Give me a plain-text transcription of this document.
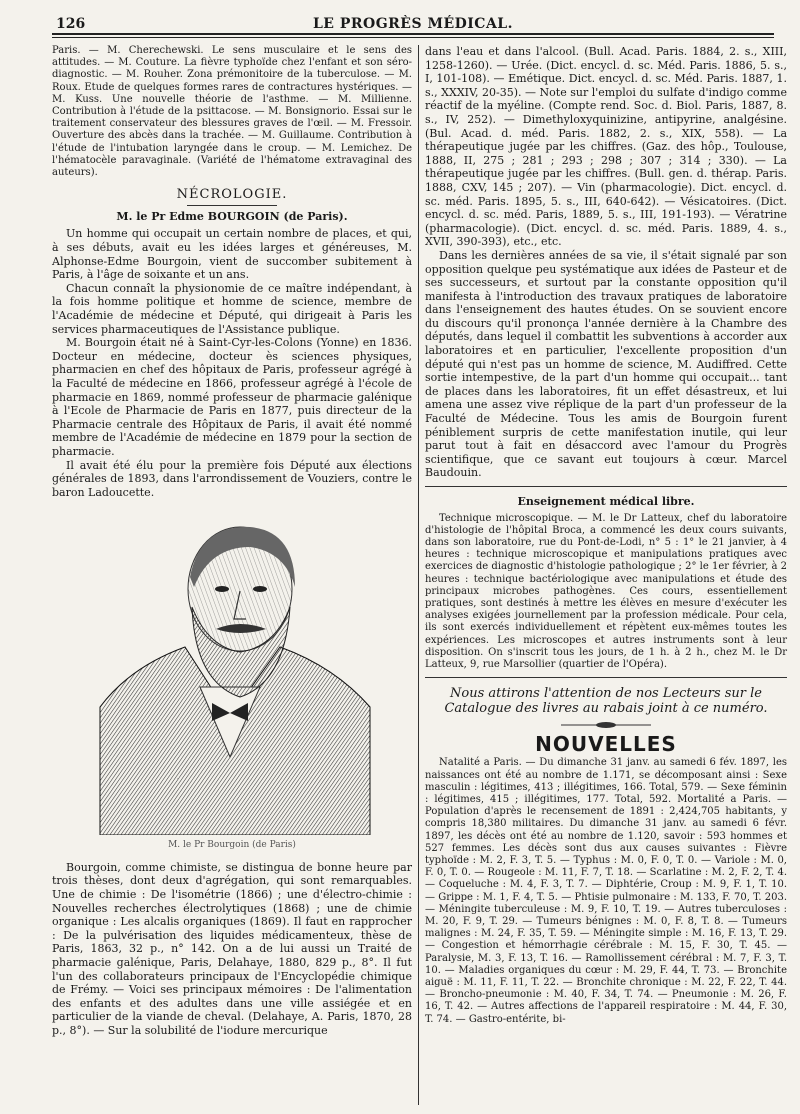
126	LE PROGRÈS MÉDICAL.

Paris. — M. Cherechewski. Le sens musculaire et le sens des attitudes. — M. Couture. La fièvre typhoïde chez l'enfant et son séro-diagnostic. — M. Rouher. Zona prémonitoire de la tuberculose. — M. Roux. Etude de quelques formes rares de contractures hystériques. — M. Kuss. Une nouvelle théorie de l'asthme. — M. Millienne. Contribution à l'étude de la psittacose. — M. Bonsignorio. Essai sur le traitement conservateur des blessures graves de l'œil. — M. Fressoir. Ouverture des abcès dans la trachée. — M. Guillaume. Contribution à l'étude de l'intubation laryngée dans le croup. — M. Lemichez. De l'hématocèle paravaginale. (Variété de l'hématome extravaginal des auteurs).

NÉCROLOGIE.
M. le Pr Edme BOURGOIN (de Paris).

Un homme qui occupait un certain nombre de places, et qui, à ses débuts, avait eu les idées larges et généreuses, M. Alphonse-Edme Bourgoin, vient de succomber subitement à Paris, à l'âge de soixante et un ans.

Chacun connaît la physionomie de ce maître indépendant, à la fois homme politique et homme de science, membre de l'Académie de médecine et Député, qui dirigeait à Paris les services pharmaceutiques de l'Assistance publique.

M. Bourgoin était né à Saint-Cyr-les-Colons (Yonne) en 1836. Docteur en médecine, docteur ès sciences physiques, pharmacien en chef des hôpitaux de Paris, professeur agrégé à la Faculté de médecine en 1866, professeur agrégé à l'école de pharmacie en 1869, nommé professeur de pharmacie galénique à l'Ecole de Pharmacie de Paris en 1877, puis directeur de la Pharmacie centrale des Hôpitaux de Paris, il avait été nommé membre de l'Académie de médecine en 1879 pour la section de pharmacie.

Il avait été élu pour la première fois Député aux élections générales de 1893, dans l'arrondissement de Vouziers, contre le baron Ladoucette.

M. le Pr Bourgoin (de Paris)

Bourgoin, comme chimiste, se distingua de bonne heure par trois thèses, dont deux d'agrégation, qui sont remarquables. Une de chimie : De l'isométrie (1866) ; une d'électro-chimie : Nouvelles recherches électrolytiques (1868) ; une de chimie organique : Les alcalis organiques (1869). Il faut en rapprocher : De la pulvérisation des liquides médicamenteux, thèse de Paris, 1863, 32 p., n° 142. On a de lui aussi un Traité de pharmacie galénique, Paris, Delahaye, 1880, 829 p., 8°. Il fut l'un des collaborateurs principaux de l'Encyclopédie chimique de Frémy. — Voici ses principaux mémoires : De l'alimentation des enfants et des adultes dans une ville assiégée et en particulier de la viande de cheval. (Delahaye, A. Paris, 1870, 28 p., 8°). — Sur la solubilité de l'iodure mercurique

dans l'eau et dans l'alcool. (Bull. Acad. Paris. 1884, 2. s., XIII, 1258-1260). — Urée. (Dict. encycl. d. sc. Méd. Paris. 1886, 5. s., I, 101-108). — Emétique. Dict. encycl. d. sc. Méd. Paris. 1887, 1. s., XXXIV, 20-35). — Note sur l'emploi du sulfate d'indigo comme réactif de la myéline. (Compte rend. Soc. d. Biol. Paris, 1887, 8. s., IV, 252). — Dimethyloxyquinizine, antipyrine, analgésine. (Bul. Acad. d. méd. Paris. 1882, 2. s., XIX, 558). — La thérapeutique jugée par les chiffres. (Gaz. des hôp., Toulouse, 1888, II, 275 ; 281 ; 293 ; 298 ; 307 ; 314 ; 330). — La thérapeutique jugée par les chiffres. (Bull. gen. d. thérap. Paris. 1888, CXV, 145 ; 207). — Vin (pharmacologie). Dict. encycl. d. sc. méd. Paris. 1895, 5. s., III, 640-642). — Vésicatoires. (Dict. encycl. d. sc. méd. Paris, 1889, 5. s., III, 191-193). — Vératrine (pharmacologie). (Dict. encycl. d. sc. méd. Paris. 1889, 4. s., XVII, 390-393), etc., etc.

Dans les dernières années de sa vie, il s'était signalé par son opposition quelque peu systématique aux idées de Pasteur et de ses successeurs, et surtout par la constante opposition qu'il manifesta à l'introduction des travaux pratiques de laboratoire dans l'enseignement des hautes études. On se souvient encore du discours qu'il prononça l'année dernière à la Chambre des députés, dans lequel il combattit les subventions à accorder aux laboratoires et en particulier, l'excellente proposition d'un député qui n'est pas un homme de science, M. Audiffred. Cette sortie intempestive, de la part d'un homme qui occupait... tant de places dans les laboratoires, fit un effet désastreux, et lui amena une assez vive réplique de la part d'un professeur de la Faculté de Médecine. Tous les amis de Bourgoin furent péniblement surpris de cette manifestation inutile, qui leur parut tout à fait en désaccord avec l'amour du Progrès scientifique, que ce savant eut toujours à cœur. Marcel Baudouin.

Enseignement médical libre.

Technique microscopique. — M. le Dr Latteux, chef du laboratoire d'histologie de l'hôpital Broca, a commencé les deux cours suivants, dans son laboratoire, rue du Pont-de-Lodi, n° 5 : 1° le 21 janvier, à 4 heures : technique microscopique et manipulations pratiques avec exercices de diagnostic d'histologie pathologique ; 2° le 1er février, à 2 heures : technique bactériologique avec manipulations et étude des principaux microbes pathogènes. Ces cours, essentiellement pratiques, sont destinés à mettre les élèves en mesure d'exécuter les analyses exigées journellement par la profession médicale. Pour cela, ils sont exercés individuellement et répètent eux-mêmes toutes les expériences. Les microscopes et autres instruments sont à leur disposition. On s'inscrit tous les jours, de 1 h. à 2 h., chez M. le Dr Latteux, 9, rue Marsollier (quartier de l'Opéra).

Nous attirons l'attention de nos Lecteurs sur le Catalogue des livres au rabais joint à ce numéro.
NOUVELLES

Natalité a Paris. — Du dimanche 31 janv. au samedi 6 fév. 1897, les naissances ont été au nombre de 1.171, se décomposant ainsi : Sexe masculin : légitimes, 413 ; illégitimes, 166. Total, 579. — Sexe féminin : légitimes, 415 ; illégitimes, 177. Total, 592. Mortalité a Paris. — Population d'après le recensement de 1891 : 2,424,705 habitants, y compris 18,380 militaires. Du dimanche 31 janv. au samedi 6 févr. 1897, les décès ont été au nombre de 1.120, savoir : 593 hommes et 527 femmes. Les décès sont dus aux causes suivantes : Fièvre typhoïde : M. 2, F. 3, T. 5. — Typhus : M. 0, F. 0, T. 0. — Variole : M. 0, F. 0, T. 0. — Rougeole : M. 11, F. 7, T. 18. — Scarlatine : M. 2, F. 2, T. 4. — Coqueluche : M. 4, F. 3, T. 7. — Diphtérie, Croup : M. 9, F. 1, T. 10. — Grippe : M. 1, F. 4, T. 5. — Phtisie pulmonaire : M. 133, F. 70, T. 203. — Méningite tuberculeuse : M. 9, F. 10, T. 19. — Autres tuberculoses : M. 20, F. 9, T. 29. — Tumeurs bénignes : M. 0, F. 8, T. 8. — Tumeurs malignes : M. 24, F. 35, T. 59. — Méningite simple : M. 16, F. 13, T. 29. — Congestion et hémorrhagie cérébrale : M. 15, F. 30, T. 45. — Paralysie, M. 3, F. 13, T. 16. — Ramollissement cérébral : M. 7, F. 3, T. 10. — Maladies organiques du cœur : M. 29, F. 44, T. 73. — Bronchite aiguë : M. 11, F. 11, T. 22. — Bronchite chronique : M. 22, F. 22, T. 44. — Broncho-pneumonie : M. 40, F. 34, T. 74. — Pneumonie : M. 26, F. 16, T. 42. — Autres affections de l'appareil respiratoire : M. 44, F. 30, T. 74. — Gastro-entérite, bi-
